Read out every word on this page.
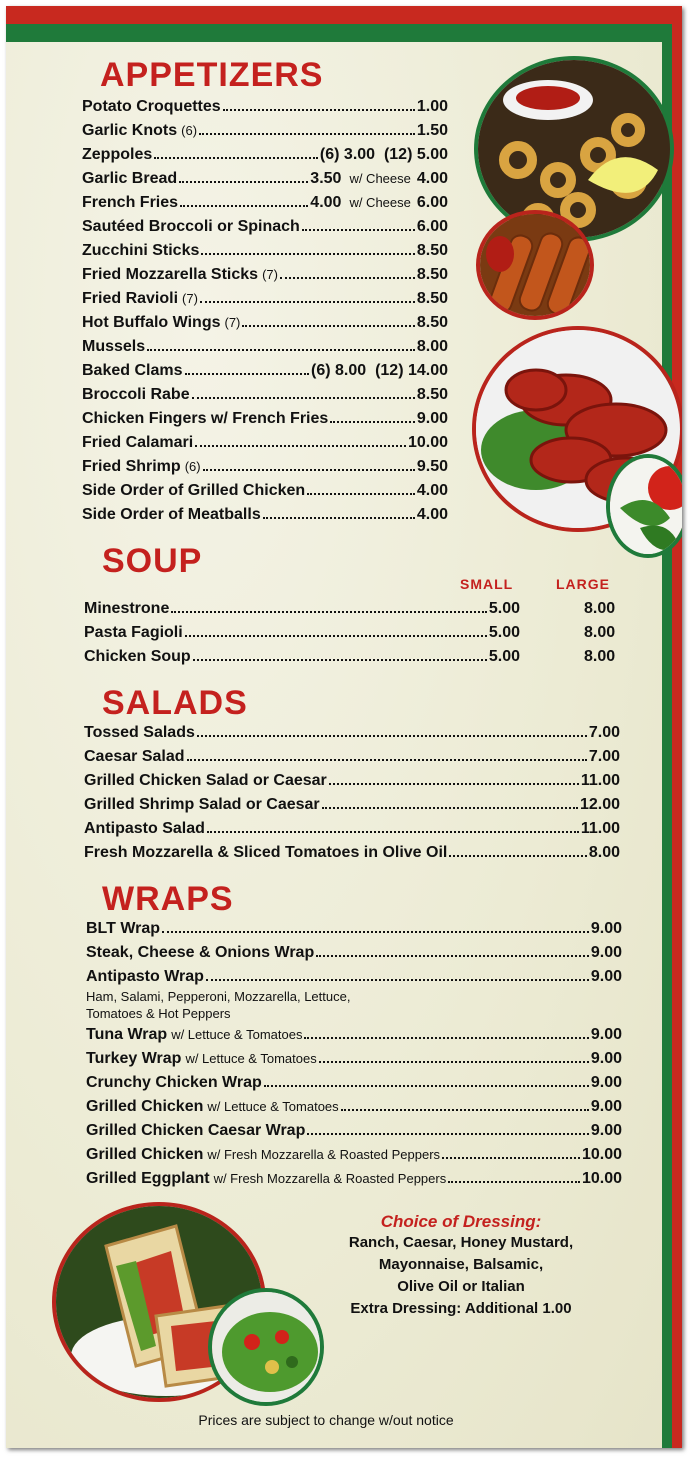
APPETIZERS
Potato Croquettes	1.00
Garlic Knots (6)	1.50
Zeppoles	(6) 3.00  (12) 5.00
Garlic Bread	3.50 w/ Cheese 4.00
French Fries	4.00 w/ Cheese 6.00
Sautéed Broccoli or Spinach	6.00
Zucchini Sticks	8.50
Fried Mozzarella Sticks (7)	8.50
Fried Ravioli (7)	8.50
Hot Buffalo Wings (7)	8.50
Mussels	8.00
Baked Clams	(6) 8.00  (12) 14.00
Broccoli Rabe	8.50
Chicken Fingers w/ French Fries	9.00
Fried Calamari	10.00
Fried Shrimp (6)	9.50
Side Order of Grilled Chicken	4.00
Side Order of Meatballs	4.00
SOUP
SMALL	LARGE
Minestrone	5.00	8.00
Pasta Fagioli	5.00	8.00
Chicken Soup	5.00	8.00
SALADS
Tossed Salads	7.00
Caesar Salad	7.00
Grilled Chicken Salad or Caesar	11.00
Grilled Shrimp Salad or Caesar	12.00
Antipasto Salad	11.00
Fresh Mozzarella & Sliced Tomatoes in Olive Oil	8.00
WRAPS
BLT Wrap	9.00
Steak, Cheese & Onions Wrap	9.00
Antipasto Wrap	9.00
Ham, Salami, Pepperoni, Mozzarella, Lettuce,
Tomatoes & Hot Peppers
Tuna Wrap w/ Lettuce & Tomatoes	9.00
Turkey Wrap w/ Lettuce & Tomatoes	9.00
Crunchy Chicken Wrap	9.00
Grilled Chicken w/ Lettuce & Tomatoes	9.00
Grilled Chicken Caesar Wrap	9.00
Grilled Chicken w/ Fresh Mozzarella & Roasted Peppers	10.00
Grilled Eggplant w/ Fresh Mozzarella & Roasted Peppers	10.00
Choice of Dressing:
Ranch, Caesar, Honey Mustard,
Mayonnaise, Balsamic,
Olive Oil or Italian
Extra Dressing: Additional 1.00
Prices are subject to change w/out notice
